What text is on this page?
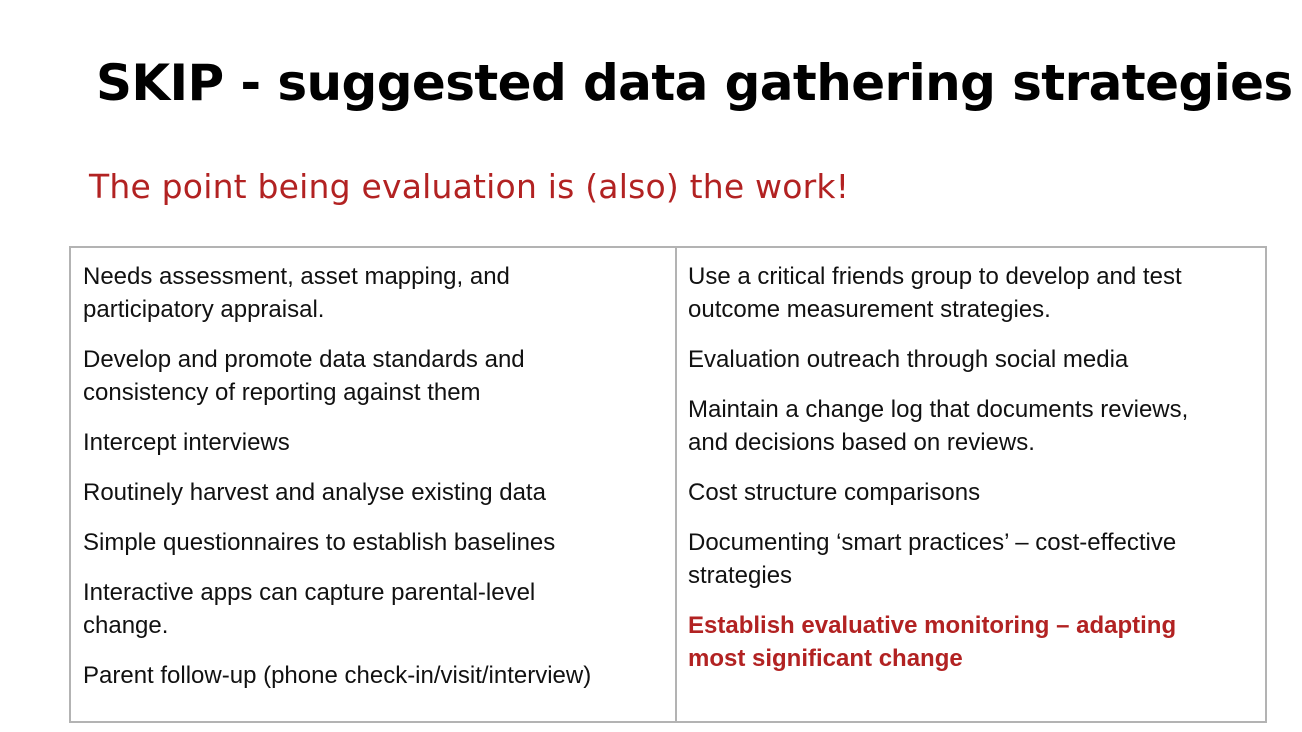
SKIP - suggested data gathering strategies
The point being evaluation is (also) the work!

Needs assessment, asset mapping, and
participatory appraisal.

Develop and promote data standards and
consistency of reporting against them

Intercept interviews

Routinely harvest and analyse existing data

Simple questionnaires to establish baselines

Interactive apps can capture parental-level
change.

Parent follow-up (phone check-in/visit/interview)

Use a critical friends group to develop and test
outcome measurement strategies.

Evaluation outreach through social media

Maintain a change log that documents reviews,
and decisions based on reviews.

Cost structure comparisons

Documenting ‘smart practices’ – cost-effective
strategies

Establish evaluative monitoring – adapting
most significant change
